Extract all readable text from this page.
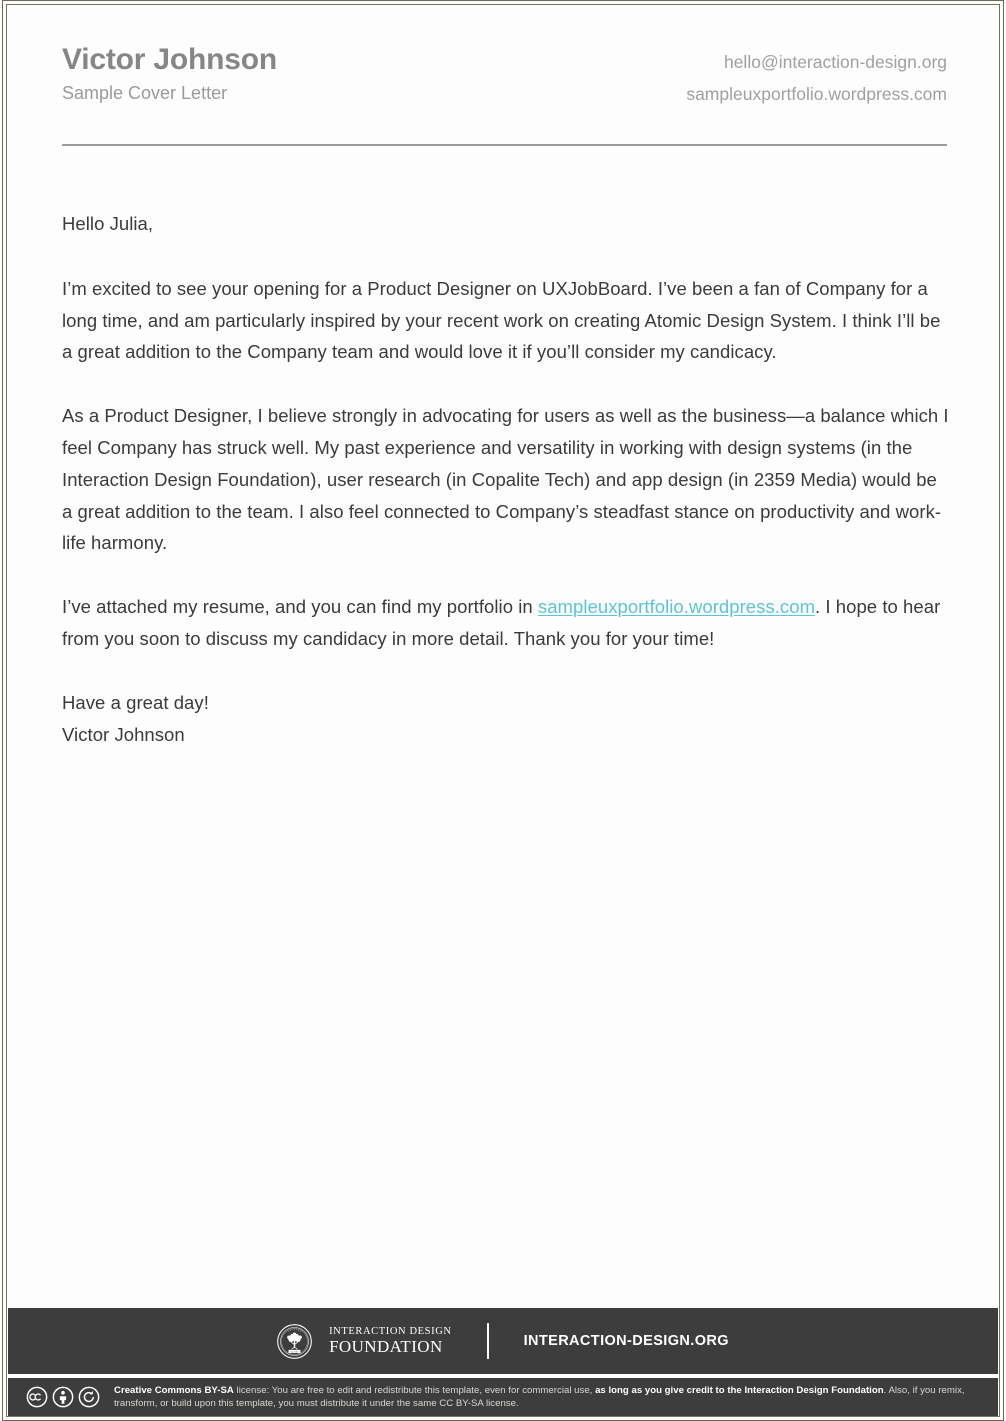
Victor Johnson
Sample Cover Letter
hello@interaction-design.org
sampleuxportfolio.wordpress.com

Hello Julia,

I’m excited to see your opening for a Product Designer on UXJobBoard. I’ve been a fan of Company for a long time, and am particularly inspired by your recent work on creating Atomic Design System. I think I’ll be a great addition to the Company team and would love it if you’ll consider my candicacy.

As a Product Designer, I believe strongly in advocating for users as well as the business—a balance which I feel Company has struck well. My past experience and versatility in working with design systems (in the Interaction Design Foundation), user research (in Copalite Tech) and app design (in 2359 Media) would be a great addition to the team. I also feel connected to Company’s steadfast stance on productivity and work-life harmony.

I’ve attached my resume, and you can find my portfolio in sampleuxportfolio.wordpress.com. I hope to hear from you soon to discuss my candidacy in more detail. Thank you for your time!

Have a great day!

Victor Johnson

Est. 2002
INTERACTION DESIGN
FOUNDATION	INTERACTION-DESIGN.ORG
Creative Commons BY-SA license: You are free to edit and redistribute this template, even for commercial use, as long as you give credit to the Interaction Design Foundation. Also, if you remix, transform, or build upon this template, you must distribute it under the same CC BY-SA license.
